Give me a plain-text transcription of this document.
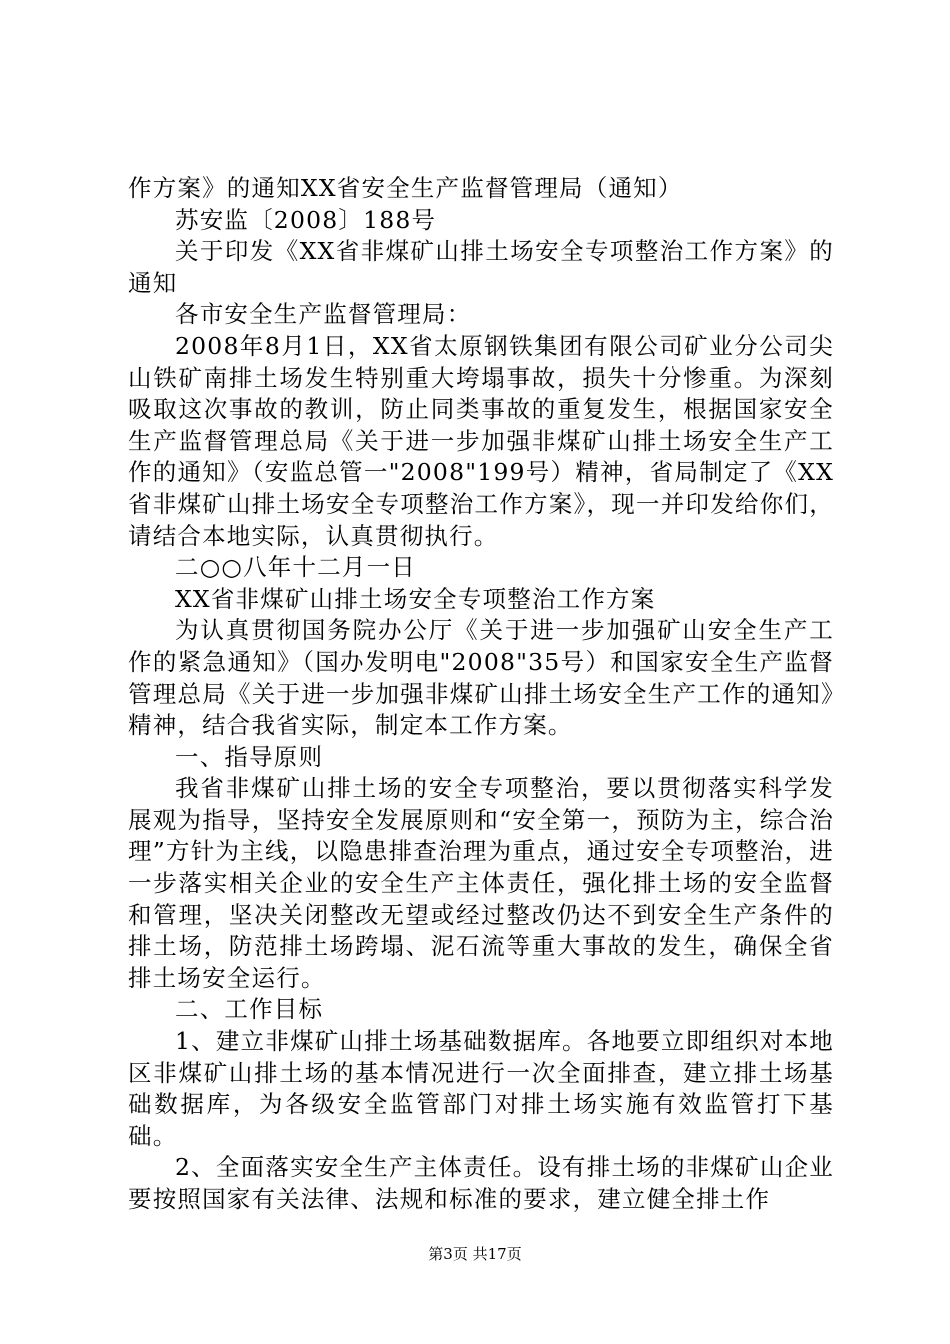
作方案》的通知XX省安全生产监督管理局（通知）

苏安监〔2008〕188号

关于印发《XX省非煤矿山排土场安全专项整治工作方案》的通知

各市安全生产监督管理局：

2008年8月1日，XX省太原钢铁集团有限公司矿业分公司尖山铁矿南排土场发生特别重大垮塌事故，损失十分惨重。为深刻吸取这次事故的教训，防止同类事故的重复发生，根据国家安全生产监督管理总局《关于进一步加强非煤矿山排土场安全生产工作的通知》（安监总管一"2008"199号）精神，省局制定了《XX省非煤矿山排土场安全专项整治工作方案》，现一并印发给你们，请结合本地实际，认真贯彻执行。

二○○八年十二月一日

XX省非煤矿山排土场安全专项整治工作方案

为认真贯彻国务院办公厅《关于进一步加强矿山安全生产工作的紧急通知》（国办发明电"2008"35号）和国家安全生产监督管理总局《关于进一步加强非煤矿山排土场安全生产工作的通知》精神，结合我省实际，制定本工作方案。

一、指导原则

我省非煤矿山排土场的安全专项整治，要以贯彻落实科学发展观为指导，坚持安全发展原则和“安全第一，预防为主，综合治理”方针为主线，以隐患排查治理为重点，通过安全专项整治，进一步落实相关企业的安全生产主体责任，强化排土场的安全监督和管理，坚决关闭整改无望或经过整改仍达不到安全生产条件的排土场，防范排土场跨塌、泥石流等重大事故的发生，确保全省排土场安全运行。

二、工作目标

1、建立非煤矿山排土场基础数据库。各地要立即组织对本地区非煤矿山排土场的基本情况进行一次全面排查，建立排土场基础数据库，为各级安全监管部门对排土场实施有效监管打下基础。

2、全面落实安全生产主体责任。设有排土场的非煤矿山企业要按照国家有关法律、法规和标准的要求，建立健全排土作

第3页 共17页
